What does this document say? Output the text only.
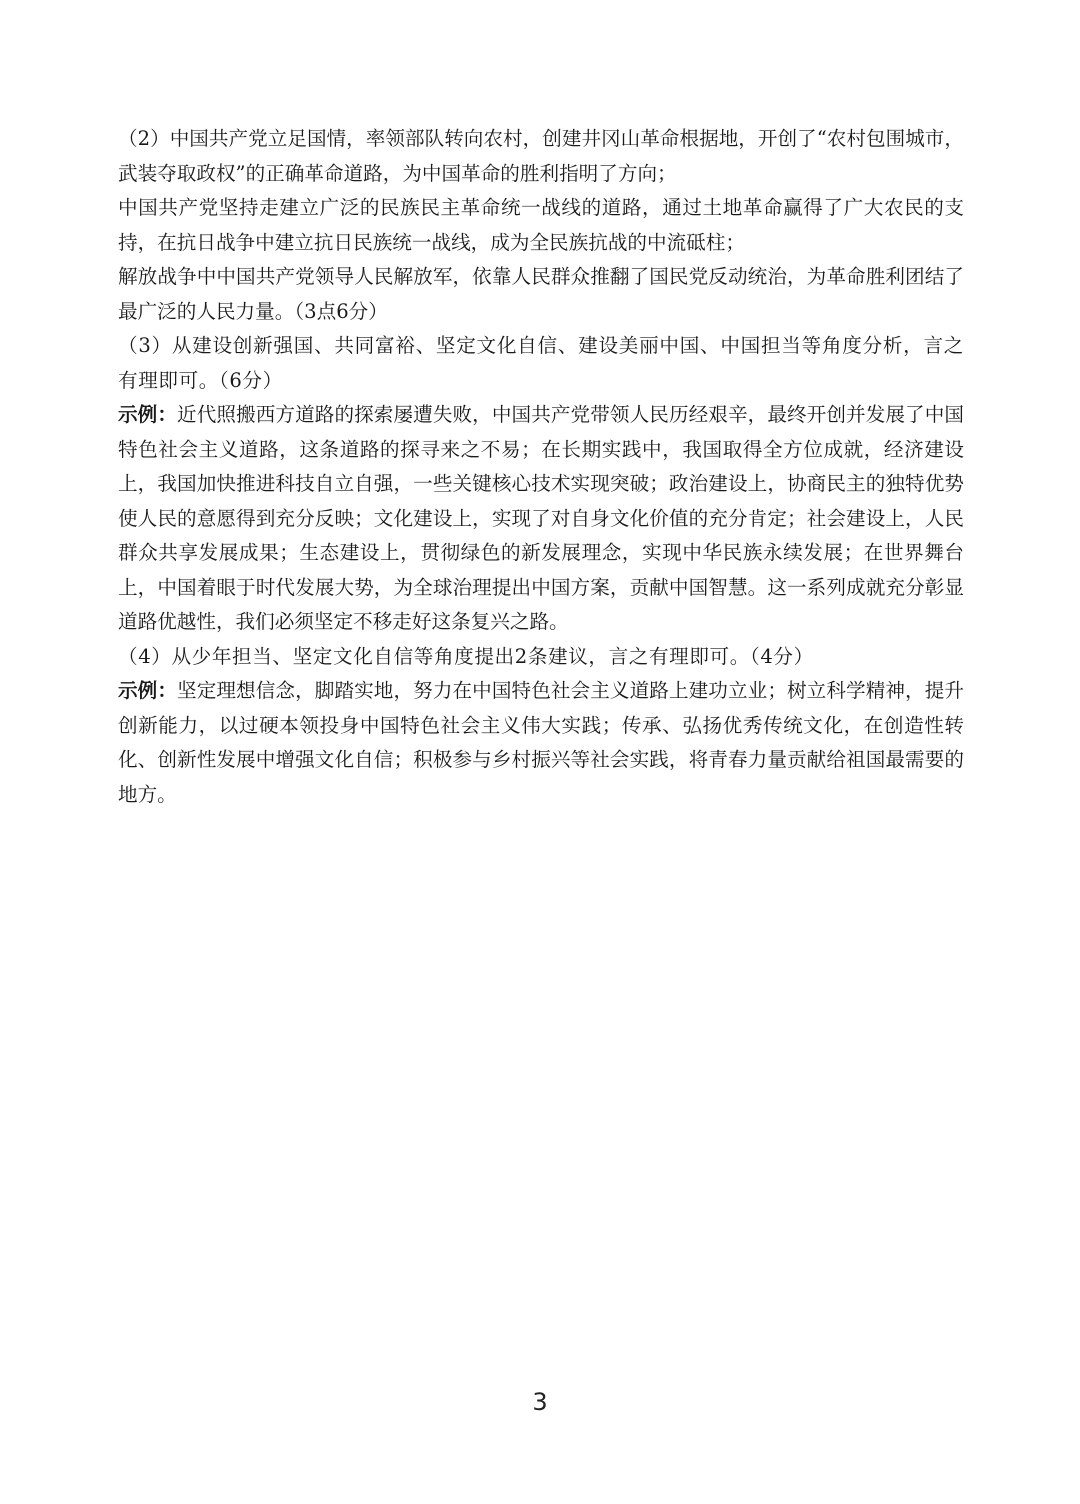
（2）中国共产党立足国情，率领部队转向农村，创建井冈山革命根据地，开创了“农村包围城市，武装夺取政权”的正确革命道路，为中国革命的胜利指明了方向；

中国共产党坚持走建立广泛的民族民主革命统一战线的道路，通过土地革命赢得了广大农民的支持，在抗日战争中建立抗日民族统一战线，成为全民族抗战的中流砥柱；

解放战争中中国共产党领导人民解放军，依靠人民群众推翻了国民党反动统治，为革命胜利团结了最广泛的人民力量。（3点6分）

（3）从建设创新强国、共同富裕、坚定文化自信、建设美丽中国、中国担当等角度分析，言之有理即可。（6分）

示例：近代照搬西方道路的探索屡遭失败，中国共产党带领人民历经艰辛，最终开创并发展了中国特色社会主义道路，这条道路的探寻来之不易；在长期实践中，我国取得全方位成就，经济建设上，我国加快推进科技自立自强，一些关键核心技术实现突破；政治建设上，协商民主的独特优势使人民的意愿得到充分反映；文化建设上，实现了对自身文化价值的充分肯定；社会建设上，人民群众共享发展成果；生态建设上，贯彻绿色的新发展理念，实现中华民族永续发展；在世界舞台上，中国着眼于时代发展大势，为全球治理提出中国方案，贡献中国智慧。这一系列成就充分彰显道路优越性，我们必须坚定不移走好这条复兴之路。

（4）从少年担当、坚定文化自信等角度提出2条建议，言之有理即可。（4分）

示例：坚定理想信念，脚踏实地，努力在中国特色社会主义道路上建功立业；树立科学精神，提升创新能力，以过硬本领投身中国特色社会主义伟大实践；传承、弘扬优秀传统文化，在创造性转化、创新性发展中增强文化自信；积极参与乡村振兴等社会实践，将青春力量贡献给祖国最需要的地方。

3
